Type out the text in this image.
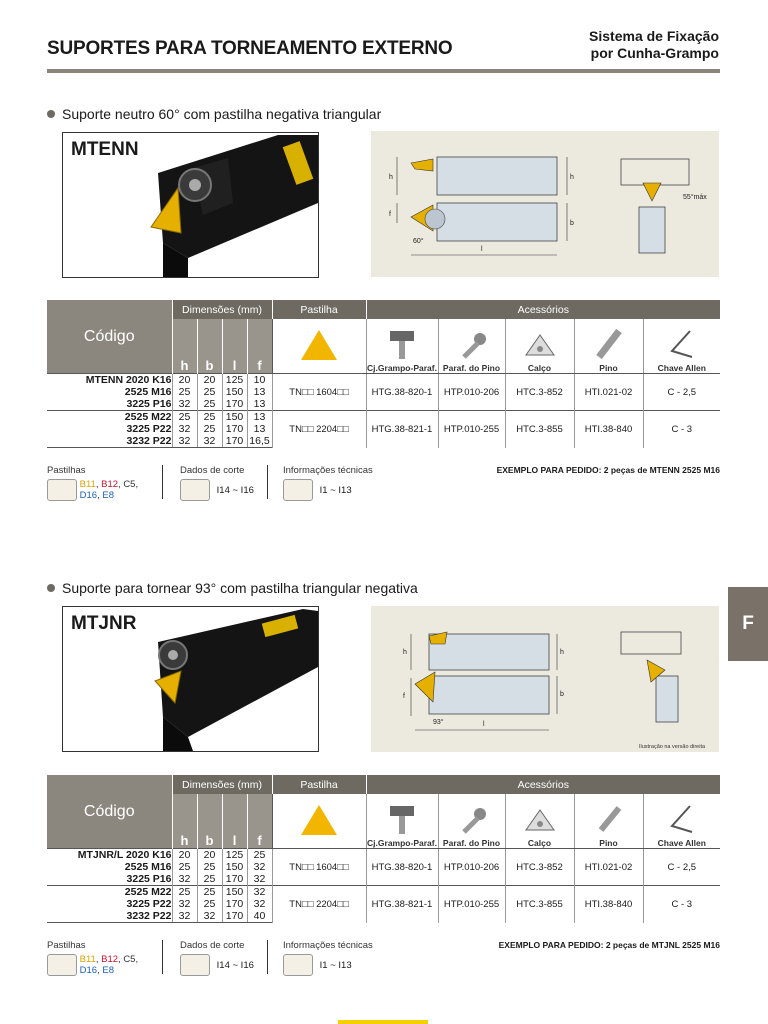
SUPORTES PARA TORNEAMENTO EXTERNO
Sistema de Fixação
por Cunha-Grampo
F
Suporte neutro 60° com pastilha negativa triangular
MTENN
h	h
f
b
l
60°
55°máx
Código	Dimensões (mm)				Pastilha	Acessórios				
	h	b	l	f		Cj.Grampo-Paraf.	Paraf. do Pino	Calço	Pino	Chave Allen

MTENN 2020 K16	20	20	125	10	TN□□ 1604□□	HTG.38-820-1	HTP.010-206	HTC.3-852	HTI.021-02	C - 2,5
2525 M16	25	25	150	13						
3225 P16	32	25	170	13						
2525 M22	25	25	150	13	TN□□ 2204□□	HTG.38-821-1	HTP.010-255	HTC.3-855	HTI.38-840	C - 3
3225 P22	32	25	170	13						
3232 P22	32	32	170	16,5						
Pastilhas
B11, B12, C5,
D16, E8
Dados de corte
I14 ~ I16
Informações técnicas
I1 ~ I13
EXEMPLO PARA PEDIDO: 2 peças de MTENN 2525 M16
Suporte para tornear 93° com pastilha triangular negativa
MTJNR
h	h
f	b
l
93°
Ilustração na versão direita
Código	Dimensões (mm)				Pastilha	Acessórios				
	h	b	l	f		Cj.Grampo-Paraf.	Paraf. do Pino	Calço	Pino	Chave Allen

MTJNR/L 2020 K16	20	20	125	25	TN□□ 1604□□	HTG.38-820-1	HTP.010-206	HTC.3-852	HTI.021-02	C - 2,5
2525 M16	25	25	150	32						
3225 P16	32	25	170	32						
2525 M22	25	25	150	32	TN□□ 2204□□	HTG.38-821-1	HTP.010-255	HTC.3-855	HTI.38-840	C - 3
3225 P22	32	25	170	32						
3232 P22	32	32	170	40						
Pastilhas
B11, B12, C5,
D16, E8
Dados de corte
I14 ~ I16
Informações técnicas
I1 ~ I13
EXEMPLO PARA PEDIDO: 2 peças de MTJNL 2525 M16
